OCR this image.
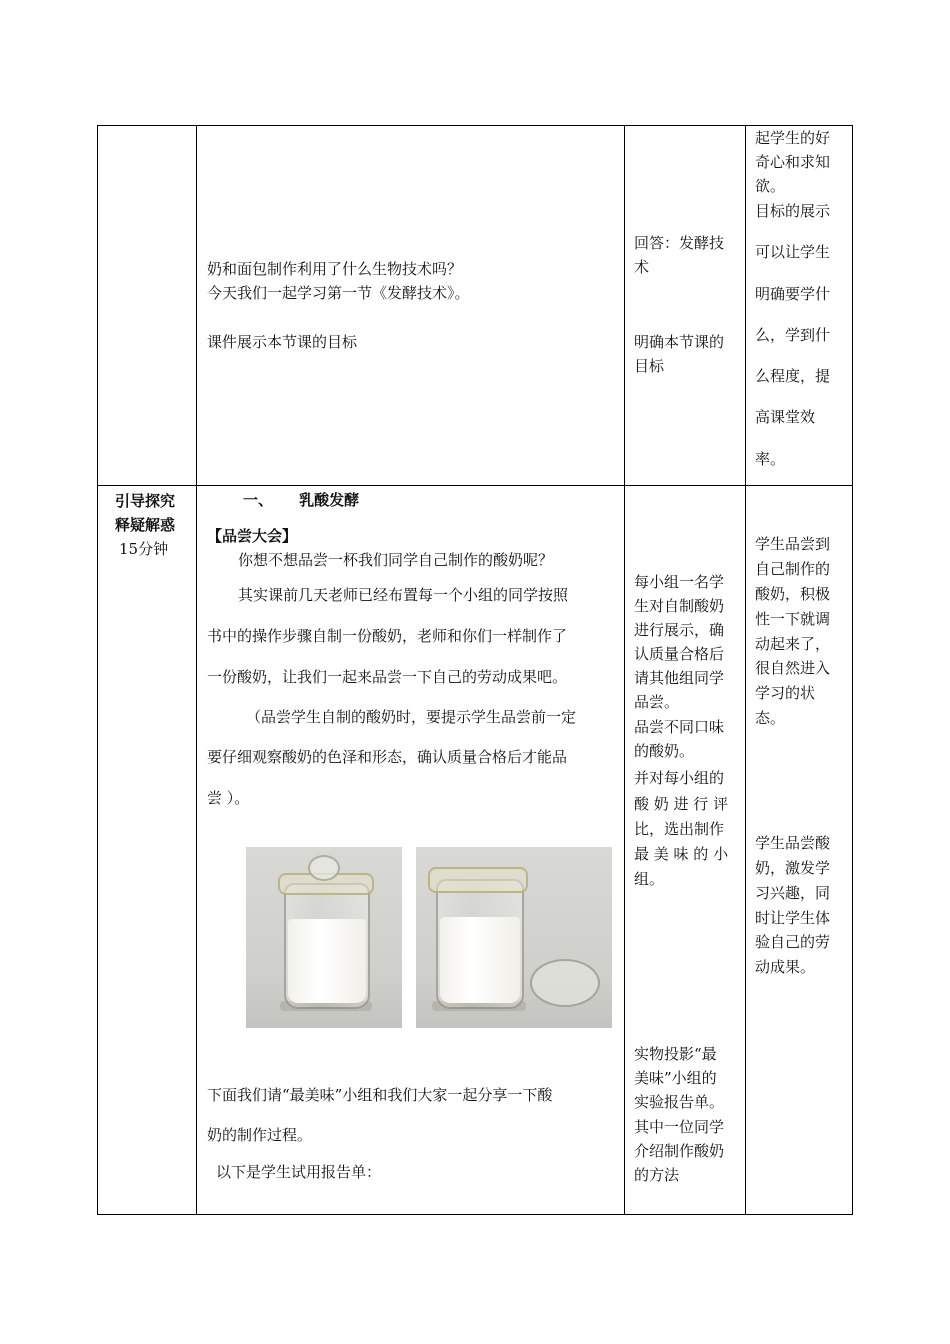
奶和面包制作利用了什么生物技术吗？
今天我们一起学习第一节《发酵技术》。
课件展示本节课的目标
回答：发酵技
术
明确本节课的
目标
起学生的好
奇心和求知
欲。
目标的展示
可以让学生
明确要学什
么，学到什
么程度，提
高课堂效
率。
引导探究
释疑解惑
15分钟
一、     乳酸发酵
【品尝大会】
你想不想品尝一杯我们同学自己制作的酸奶呢？
其实课前几天老师已经布置每一个小组的同学按照
书中的操作步骤自制一份酸奶，老师和你们一样制作了
一份酸奶，让我们一起来品尝一下自己的劳动成果吧。
（品尝学生自制的酸奶时，要提示学生品尝前一定
要仔细观察酸奶的色泽和形态，确认质量合格后才能品
尝 ）。
下面我们请“最美味”小组和我们大家一起分享一下酸
奶的制作过程。
以下是学生试用报告单：
每小组一名学
生对自制酸奶
进行展示，确
认质量合格后
请其他组同学
品尝。
品尝不同口味
的酸奶。
并对每小组的
酸 奶 进 行 评
比，选出制作
最 美 味 的 小
组。
实物投影“最
美味”小组的
实验报告单。
其中一位同学
介绍制作酸奶
的方法
学生品尝到
自己制作的
酸奶，积极
性一下就调
动起来了，
很自然进入
学习的状
态。
学生品尝酸
奶，激发学
习兴趣，同
时让学生体
验自己的劳
动成果。
